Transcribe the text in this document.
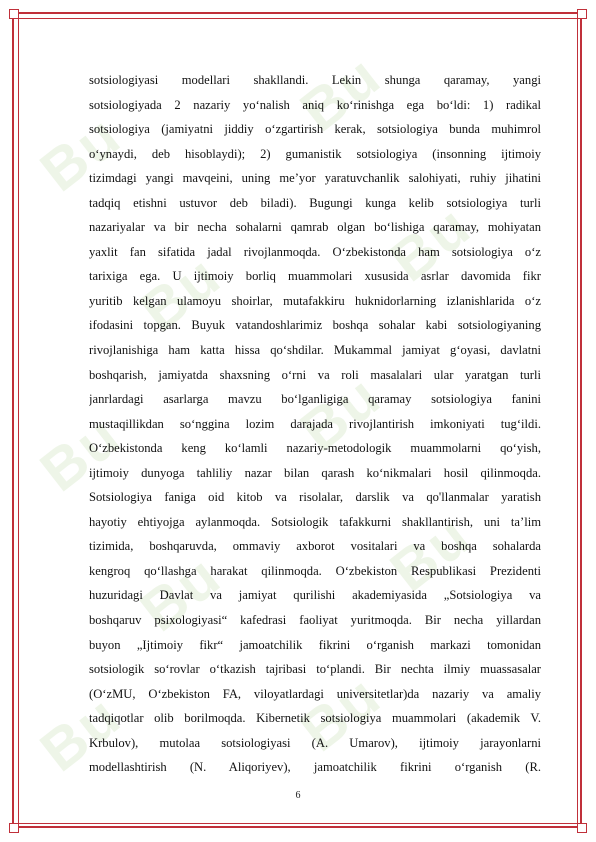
Bu
Bu
Bu	Bu
Bu	Bu
Bu	Bu
Bu	Bu
sotsiologiyasi modellari shakllandi. Lekin shunga qaramay, yangi
sotsiologiyada 2 nazariy yo‘nalish aniq ko‘rinishga ega bo‘ldi: 1) radikal
sotsiologiya (jamiyatni jiddiy o‘zgartirish kerak, sotsiologiya bunda muhimrol
o‘ynaydi, deb hisoblaydi); 2) gumanistik sotsiologiya (insonning ijtimoiy
tizimdagi yangi mavqeini, uning me’yor yaratuvchanlik salohiyati, ruhiy jihatini
tadqiq etishni ustuvor deb biladi). Bugungi kunga kelib sotsiologiya turli
nazariyalar va bir necha sohalarni qamrab olgan bo‘lishiga qaramay, mohiyatan
yaxlit fan sifatida jadal rivojlanmoqda. O‘zbekistonda ham sotsiologiya o‘z
tarixiga ega. U ijtimoiy borliq muammolari xususida asrlar davomida fikr
yuritib kelgan ulamoyu shoirlar, mutafakkiru huknidorlarning izlanishlarida o‘z
ifodasini topgan. Buyuk vatandoshlarimiz boshqa sohalar kabi sotsiologiyaning
rivojlanishiga ham katta hissa qo‘shdilar. Mukammal jamiyat g‘oyasi, davlatni
boshqarish, jamiyatda shaxsning o‘rni va roli masalalari ular yaratgan turli
janrlardagi asarlarga mavzu bo‘lganligiga qaramay sotsiologiya fanini
mustaqillikdan so‘nggina lozim darajada rivojlantirish imkoniyati tug‘ildi.
O‘zbekistonda keng ko‘lamli nazariy-metodologik muammolarni qo‘yish,
ijtimoiy dunyoga tahliliy nazar bilan qarash ko‘nikmalari hosil qilinmoqda.
Sotsiologiya faniga oid kitob va risolalar, darslik va qo'llanmalar yaratish
hayotiy ehtiyojga aylanmoqda. Sotsiologik tafakkurni shakllantirish, uni ta’lim
tizimida, boshqaruvda, ommaviy axborot vositalari va boshqa sohalarda
kengroq qo‘llashga harakat qilinmoqda. O‘zbekiston Respublikasi Prezidenti
huzuridagi Davlat va jamiyat qurilishi akademiyasida „Sotsiologiya va
boshqaruv psixologiyasi“ kafedrasi faoliyat yuritmoqda. Bir necha yillardan
buyon „Ijtimoiy fikr“ jamoatchilik fikrini o‘rganish markazi tomonidan
sotsiologik so‘rovlar o‘tkazish tajribasi to‘plandi. Bir nechta ilmiy muassasalar
(O‘zMU, O‘zbekiston FA, viloyatlardagi universitetlar)da nazariy va amaliy
tadqiqotlar olib borilmoqda. Kibernetik sotsiologiya muammolari (akademik V.
Krbulov), mutolaa sotsiologiyasi (A. Umarov), ijtimoiy jarayonlarni
modellashtirish (N. Aliqoriyev), jamoatchilik fikrini o‘rganish (R.
6
